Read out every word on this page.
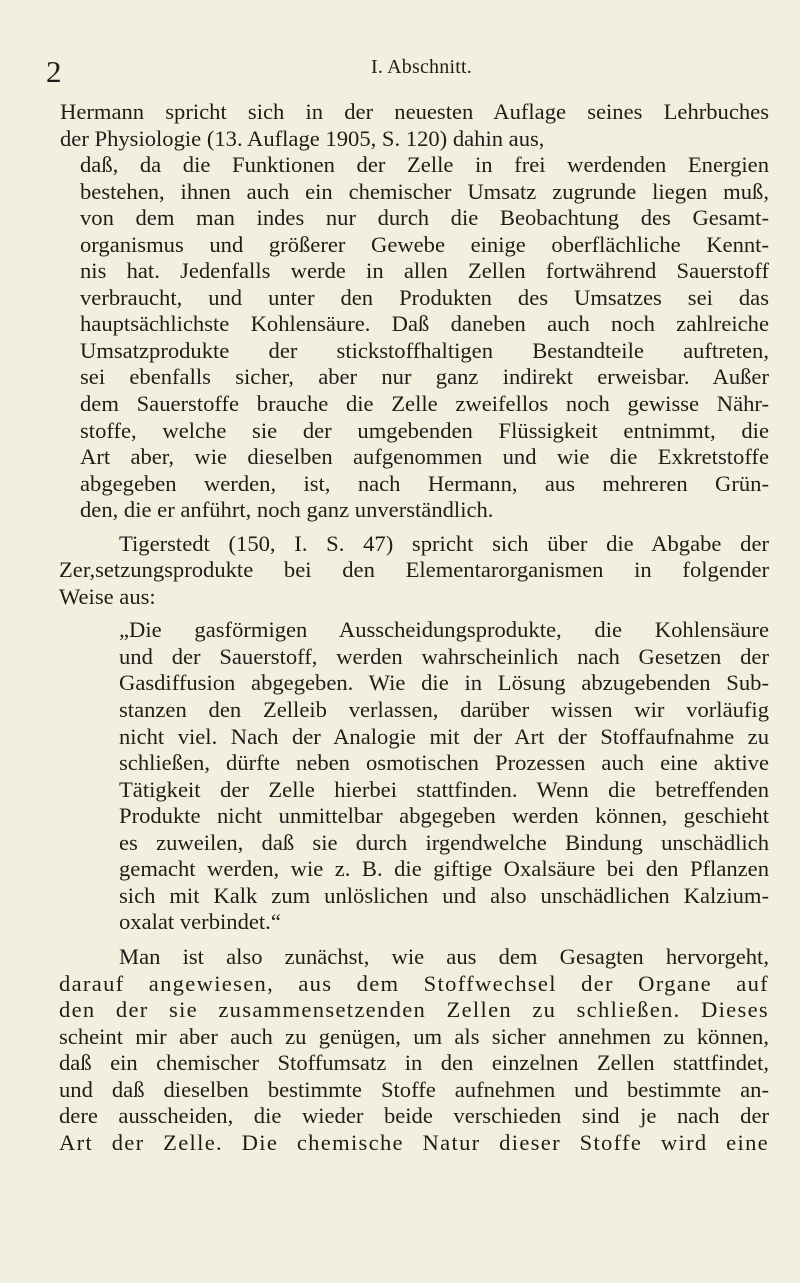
2	I. Abschnitt.
Hermann spricht sich in der neuesten Auflage seines Lehrbuches
der Physiologie (13. Auflage 1905, S. 120) dahin aus,
daß, da die Funktionen der Zelle in frei werdenden Energien
bestehen, ihnen auch ein chemischer Umsatz zugrunde liegen muß,
von dem man indes nur durch die Beobachtung des Gesamt-
organismus und größerer Gewebe einige oberflächliche Kennt-
nis hat. Jedenfalls werde in allen Zellen fortwährend Sauerstoff
verbraucht, und unter den Produkten des Umsatzes sei das
hauptsächlichste Kohlensäure. Daß daneben auch noch zahlreiche
Umsatzprodukte der stickstoffhaltigen Bestandteile auftreten,
sei ebenfalls sicher, aber nur ganz indirekt erweisbar. Außer
dem Sauerstoffe brauche die Zelle zweifellos noch gewisse Nähr-
stoffe, welche sie der umgebenden Flüssigkeit entnimmt, die
Art aber, wie dieselben aufgenommen und wie die Exkretstoffe
abgegeben werden, ist, nach Hermann, aus mehreren Grün-
den, die er anführt, noch ganz unverständlich.
Tigerstedt (150, I. S. 47) spricht sich über die Abgabe der
Zer,setzungsprodukte bei den Elementarorganismen in folgender
Weise aus:
„Die gasförmigen Ausscheidungsprodukte, die Kohlensäure
und der Sauerstoff, werden wahrscheinlich nach Gesetzen der
Gasdiffusion abgegeben. Wie die in Lösung abzugebenden Sub-
stanzen den Zelleib verlassen, darüber wissen wir vorläufig
nicht viel. Nach der Analogie mit der Art der Stoffaufnahme zu
schließen, dürfte neben osmotischen Prozessen auch eine aktive
Tätigkeit der Zelle hierbei stattfinden. Wenn die betreffenden
Produkte nicht unmittelbar abgegeben werden können, geschieht
es zuweilen, daß sie durch irgendwelche Bindung unschädlich
gemacht werden, wie z. B. die giftige Oxalsäure bei den Pflanzen
sich mit Kalk zum unlöslichen und also unschädlichen Kalzium-
oxalat verbindet.“
Man ist also zunächst, wie aus dem Gesagten hervorgeht,
darauf angewiesen, aus dem Stoffwechsel der Organe auf
den der sie zusammensetzenden Zellen zu schließen. Dieses
scheint mir aber auch zu genügen, um als sicher annehmen zu können,
daß ein chemischer Stoffumsatz in den einzelnen Zellen stattfindet,
und daß dieselben bestimmte Stoffe aufnehmen und bestimmte an-
dere ausscheiden, die wieder beide verschieden sind je nach der
Art der Zelle. Die chemische Natur dieser Stoffe wird eine
